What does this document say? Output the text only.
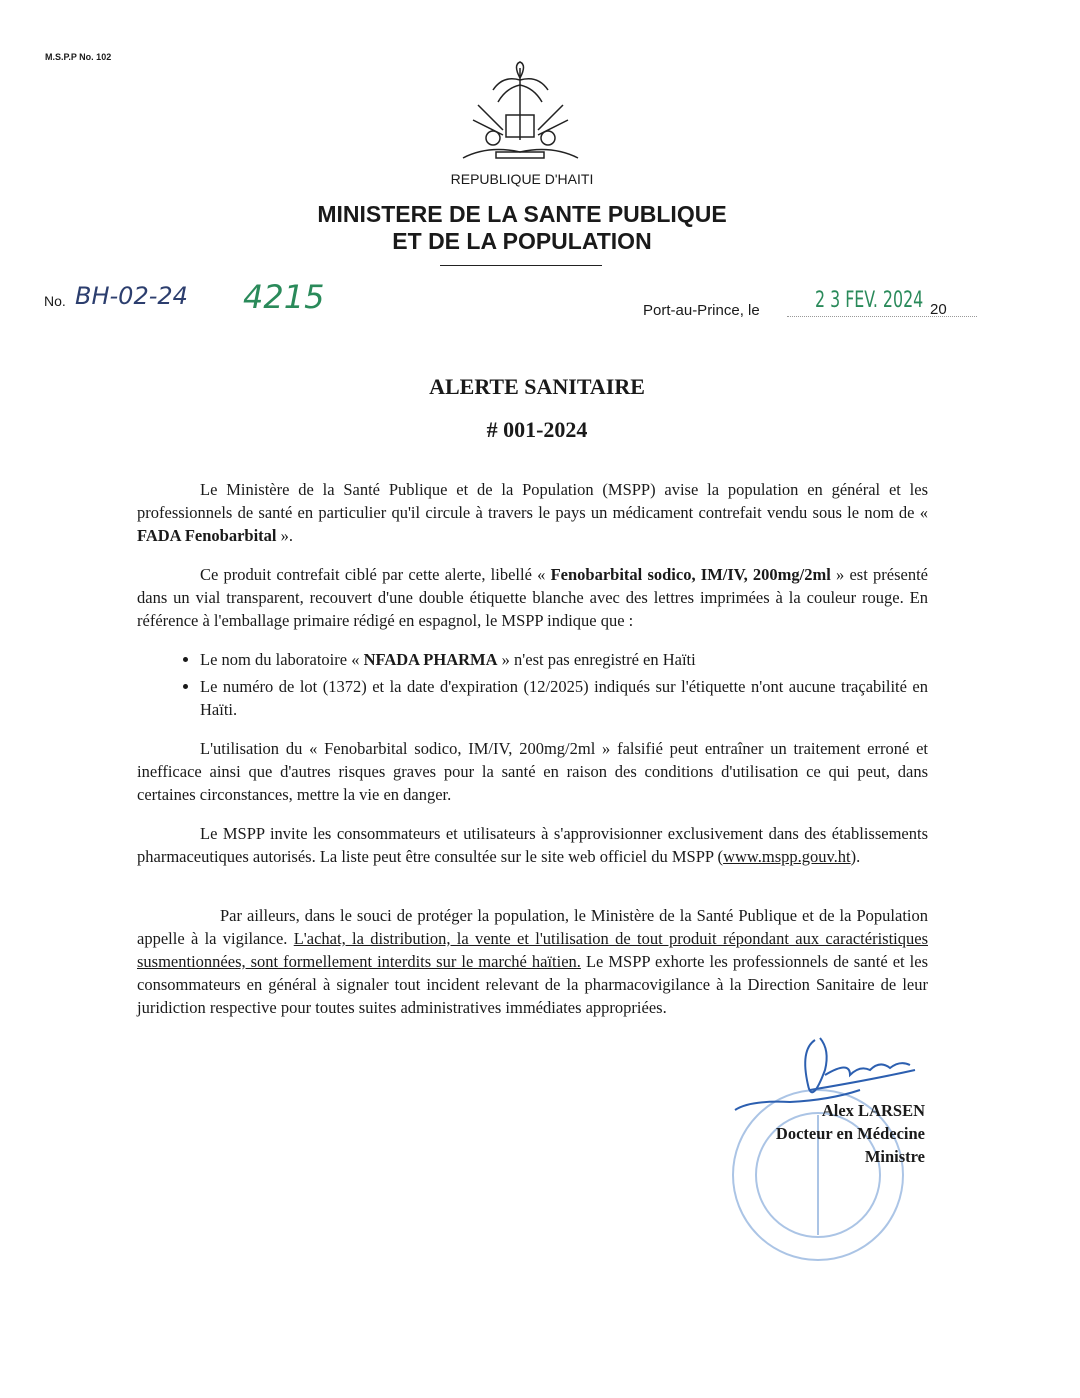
M.S.P.P No. 102
REPUBLIQUE D'HAITI
MINISTERE DE LA SANTE PUBLIQUE
ET DE LA POPULATION
No. BH-02-24 4215	Port-au-Prince, le	2 3 FEV. 2024 20
ALERTE SANITAIRE
# 001-2024
Le Ministère de la Santé Publique et de la Population (MSPP) avise la population en général et les professionnels de santé en particulier qu'il circule à travers le pays un médicament contrefait vendu sous le nom de « FADA Fenobarbital ».
Ce produit contrefait ciblé par cette alerte, libellé « Fenobarbital sodico, IM/IV, 200mg/2ml » est présenté dans un vial transparent, recouvert d'une double étiquette blanche avec des lettres imprimées à la couleur rouge. En référence à l'emballage primaire rédigé en espagnol, le MSPP indique que :
• Le nom du laboratoire « NFADA PHARMA » n'est pas enregistré en Haïti
• Le numéro de lot (1372) et la date d'expiration (12/2025) indiqués sur l'étiquette n'ont aucune traçabilité en Haïti.
L'utilisation du « Fenobarbital sodico, IM/IV, 200mg/2ml » falsifié peut entraîner un traitement erroné et inefficace ainsi que d'autres risques graves pour la santé en raison des conditions d'utilisation ce qui peut, dans certaines circonstances, mettre la vie en danger.
Le MSPP invite les consommateurs et utilisateurs à s'approvisionner exclusivement dans des établissements pharmaceutiques autorisés. La liste peut être consultée sur le site web officiel du MSPP (www.mspp.gouv.ht).
Par ailleurs, dans le souci de protéger la population, le Ministère de la Santé Publique et de la Population appelle à la vigilance. L'achat, la distribution, la vente et l'utilisation de tout produit répondant aux caractéristiques susmentionnées, sont formellement interdits sur le marché haïtien. Le MSPP exhorte les professionnels de santé et les consommateurs en général à signaler tout incident relevant de la pharmacovigilance à la Direction Sanitaire de leur juridiction respective pour toutes suites administratives immédiates appropriées.
Alex LARSEN
Docteur en Médecine
Ministre
